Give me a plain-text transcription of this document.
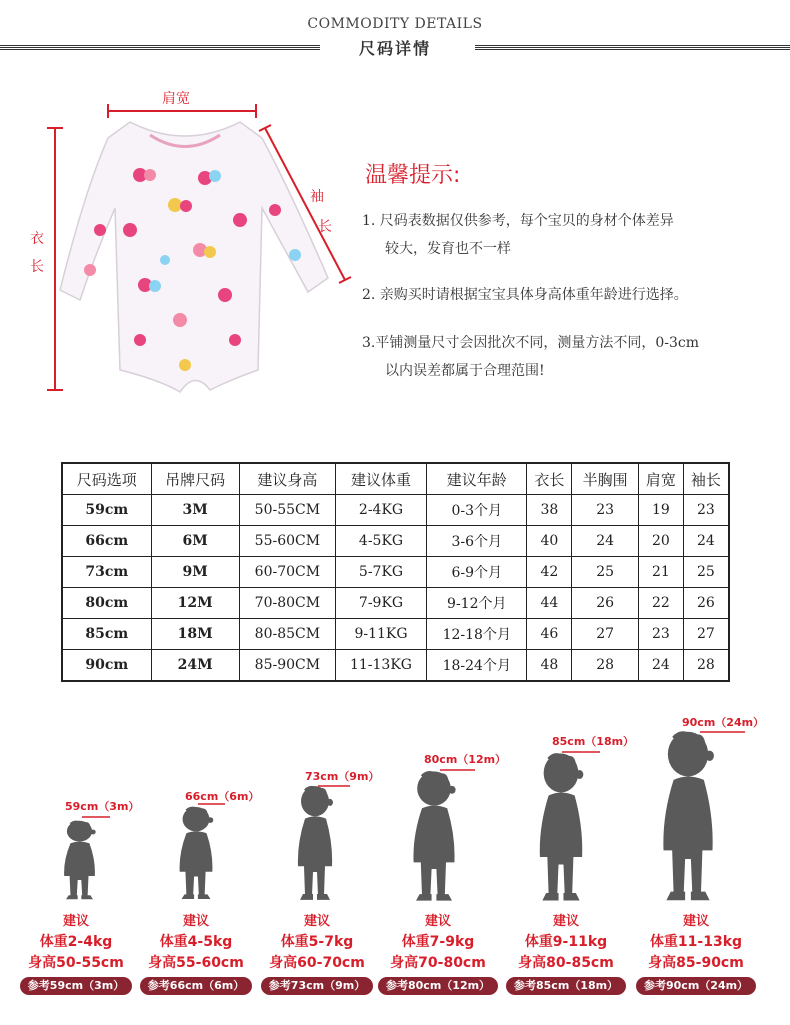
COMMODITY DETAILS
尺码详情
肩宽
衣
长
袖
长
温馨提示:
1. 尺码表数据仅供参考，每个宝贝的身材个体差异
较大，发育也不一样
2. 亲购买时请根据宝宝具体身高体重年龄进行选择。
3.平铺测量尺寸会因批次不同，测量方法不同，0-3cm
以内误差都属于合理范围!
尺码选项	吊牌尺码	建议身高	建议体重	建议年龄	衣长	半胸围	肩宽	袖长
59cm	3M	50-55CM	2-4KG	0-3个月	38	23	19	23
66cm	6M	55-60CM	4-5KG	3-6个月	40	24	20	24
73cm	9M	60-70CM	5-7KG	6-9个月	42	25	21	25
80cm	12M	70-80CM	7-9KG	9-12个月	44	26	22	26
85cm	18M	80-85CM	9-11KG	12-18个月	46	27	23	27
90cm	24M	85-90CM	11-13KG	18-24个月	48	28	24	28
59cm（3m）
66cm（6m）
73cm（9m）
80cm（12m）
85cm（18m）
90cm（24m）
建议
体重2-4kg
身高50-55cm
参考59cm（3m）
建议
体重4-5kg
身高55-60cm
参考66cm（6m）
建议
体重5-7kg
身高60-70cm
参考73cm（9m）
建议
体重7-9kg
身高70-80cm
参考80cm（12m）
建议
体重9-11kg
身高80-85cm
参考85cm（18m）
建议
体重11-13kg
身高85-90cm
参考90cm（24m）
